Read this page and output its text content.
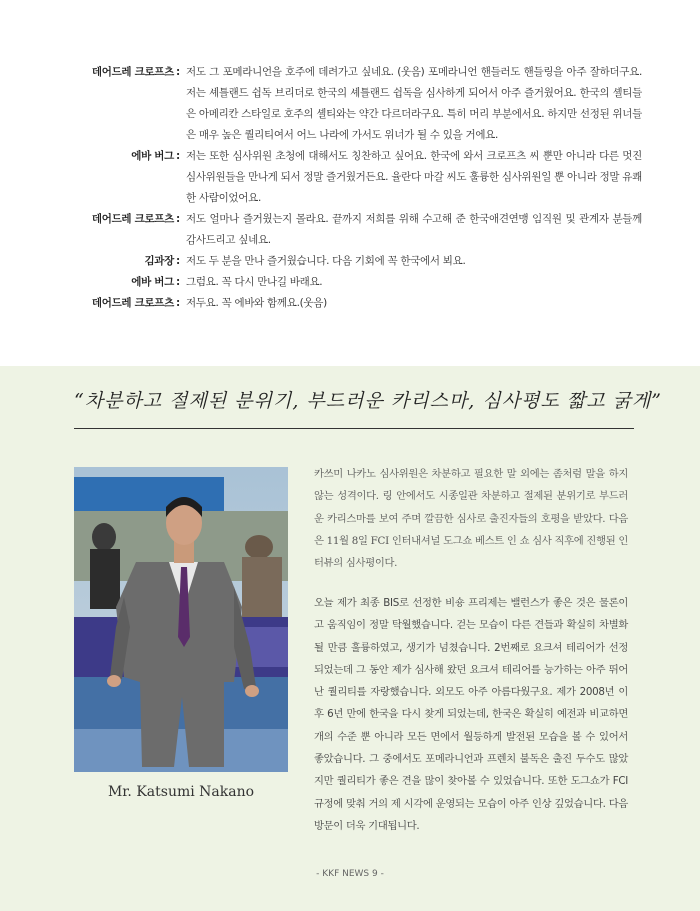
데어드레 크로프츠 : 저도 그 포메라니언을 호주에 데려가고 싶네요. (웃음) 포메라니언 핸들러도 핸들링을 아주 잘하더구요. 저는 셰틀랜드 쉽독 브리더로 한국의 셰틀랜드 쉽독을 심사하게 되어서 아주 즐거웠어요. 한국의 셸티들은 아메리칸 스타일로 호주의 셸티와는 약간 다르더라구요. 특히 머리 부분에서요. 하지만 선정된 위너들은 매우 높은 퀄리티여서 어느 나라에 가서도 위너가 될 수 있을 거에요.
에바 버그 : 저는 또한 심사위원 초청에 대해서도 칭찬하고 싶어요. 한국에 와서 크로프츠 씨 뿐만 아니라 다른 멋진 심사위원들을 만나게 되서 정말 즐거웠거든요. 율란다 마갈 씨도 훌륭한 심사위원일 뿐 아니라 정말 유쾌한 사람이었어요.
데어드레 크로프츠 : 저도 얼마나 즐거웠는지 몰라요. 끝까지 저희를 위해 수고해 준 한국애견연맹 임직원 및 관계자 분들께 감사드리고 싶네요.
김과장 : 저도 두 분을 만나 즐거웠습니다. 다음 기회에 꼭 한국에서 뵈요.
에바 버그 : 그럼요. 꼭 다시 만나길 바래요.
데어드레 크로프츠 : 저두요. 꼭 에바와 함께요.(웃음)
“차분하고 절제된 분위기, 부드러운 카리스마, 심사평도 짧고 굵게”
Mr. Katsumi Nakano
카쓰미 나카노 심사위원은 차분하고 필요한 말 외에는 좀처럼 말을 하지 않는 성격이다. 링 안에서도 시종일관 차분하고 절제된 분위기로 부드러운 카리스마를 보여 주며 깔끔한 심사로 출진자들의 호평을 받았다. 다음은 11월 8일 FCI 인터내셔널 도그쇼 베스트 인 쇼 심사 직후에 진행된 인터뷰의 심사평이다.
오늘 제가 최종 BIS로 선정한 비숑 프리제는 밸런스가 좋은 것은 물론이고 움직임이 정말 탁월했습니다. 걷는 모습이 다른 견들과 확실히 차별화될 만큼 훌륭하였고, 생기가 넘쳤습니다. 2번째로 요크셔 테리어가 선정되었는데 그 동안 제가 심사해 왔던 요크셔 테리어를 능가하는 아주 뛰어난 퀄리티를 자랑했습니다. 외모도 아주 아름다웠구요. 제가 2008년 이후 6년 만에 한국을 다시 찾게 되었는데, 한국은 확실히 예전과 비교하면 개의 수준 뿐 아니라 모든 면에서 월등하게 발전된 모습을 볼 수 있어서 좋았습니다. 그 중에서도 포메라니언과 프렌치 불독은 출진 두수도 많았지만 퀄리티가 좋은 견을 많이 찾아볼 수 있었습니다. 또한 도그쇼가 FCI 규정에 맞춰 거의 제 시각에 운영되는 모습이 아주 인상 깊었습니다. 다음 방문이 더욱 기대됩니다.
- KKF NEWS 9 -
